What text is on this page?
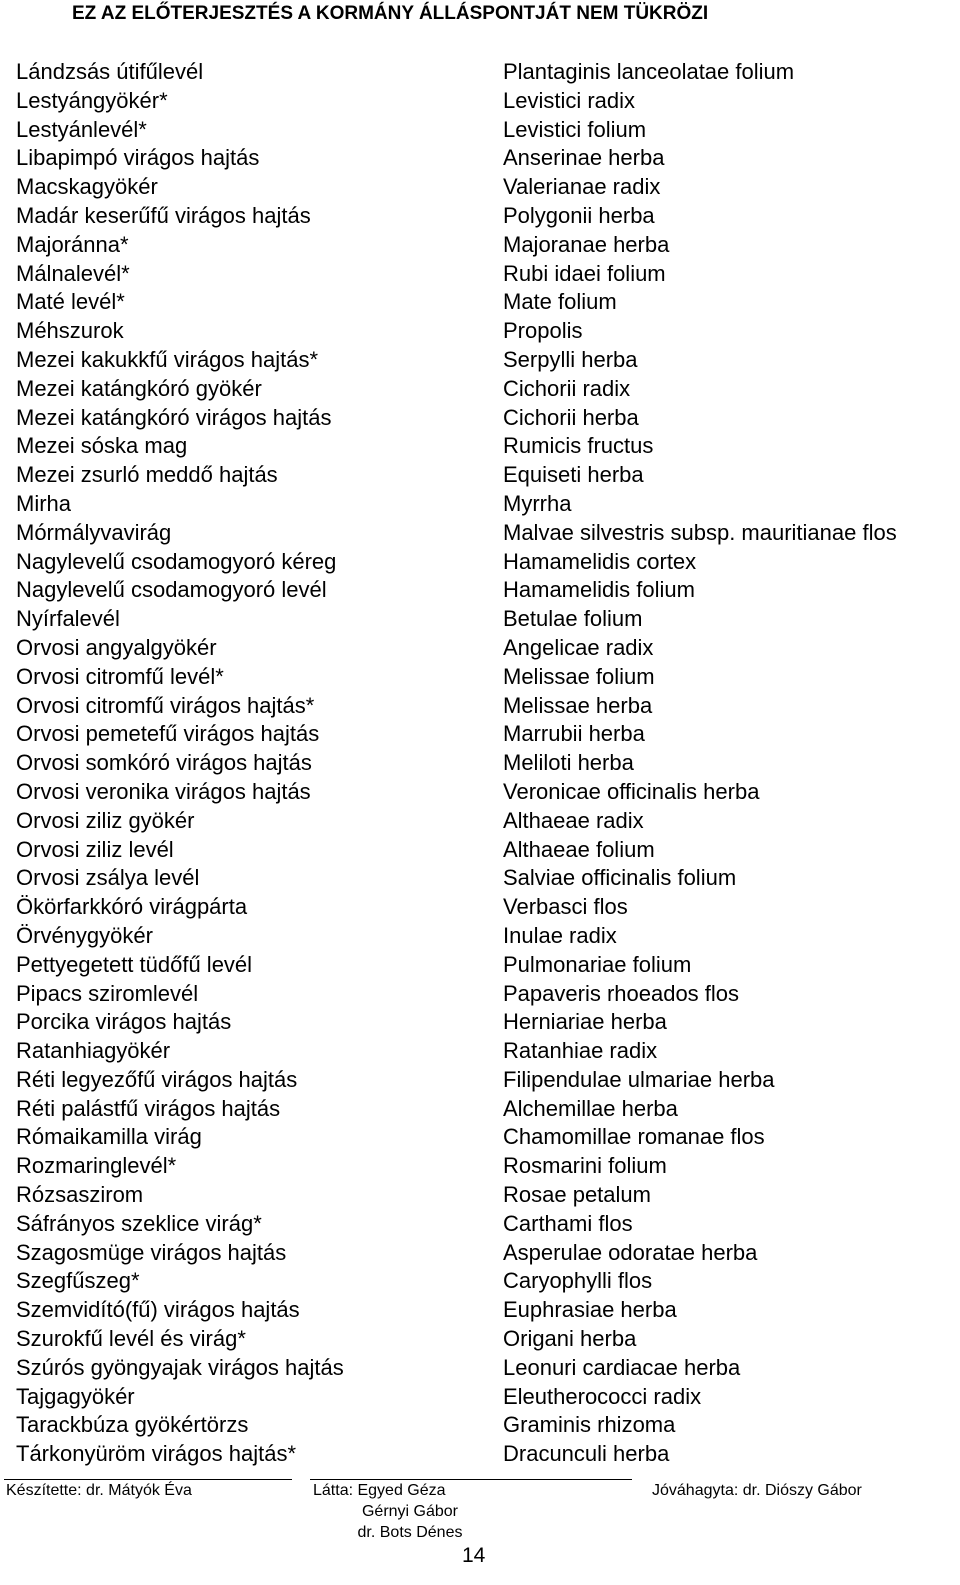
EZ AZ ELŐTERJESZTÉS A KORMÁNY ÁLLÁSPONTJÁT NEM TÜKRÖZI
Lándzsás útifűlevél
Lestyángyökér*
Lestyánlevél*
Libapimpó virágos hajtás
Macskagyökér
Madár keserűfű virágos hajtás
Majoránna*
Málnalevél*
Maté levél*
Méhszurok
Mezei kakukkfű virágos hajtás*
Mezei katángkóró gyökér
Mezei katángkóró virágos hajtás
Mezei sóska mag
Mezei zsurló meddő hajtás
Mirha
Mórmályvavirág
Nagylevelű csodamogyoró kéreg
Nagylevelű csodamogyoró levél
Nyírfalevél
Orvosi angyalgyökér
Orvosi citromfű levél*
Orvosi citromfű virágos hajtás*
Orvosi pemetefű virágos hajtás
Orvosi somkóró virágos hajtás
Orvosi veronika virágos hajtás
Orvosi ziliz gyökér
Orvosi ziliz levél
Orvosi zsálya levél
Ökörfarkkóró virágpárta
Örvénygyökér
Pettyegetett tüdőfű levél
Pipacs sziromlevél
Porcika virágos hajtás
Ratanhiagyökér
Réti legyezőfű virágos hajtás
Réti palástfű virágos hajtás
Rómaikamilla virág
Rozmaringlevél*
Rózsaszirom
Sáfrányos szeklice virág*
Szagosmüge virágos hajtás
Szegfűszeg*
Szemvidító(fű) virágos hajtás
Szurokfű levél és virág*
Szúrós gyöngyajak virágos hajtás
Tajgagyökér
Tarackbúza gyökértörzs
Tárkonyüröm virágos hajtás*
Plantaginis lanceolatae folium
Levistici radix
Levistici folium
Anserinae herba
Valerianae radix
Polygonii herba
Majoranae herba
Rubi idaei folium
Mate folium
Propolis
Serpylli herba
Cichorii radix
Cichorii herba
Rumicis fructus
Equiseti herba
Myrrha
Malvae silvestris subsp. mauritianae flos
Hamamelidis cortex
Hamamelidis folium
Betulae folium
Angelicae radix
Melissae folium
Melissae herba
Marrubii herba
Meliloti herba
Veronicae officinalis herba
Althaeae radix
Althaeae folium
Salviae officinalis folium
Verbasci flos
Inulae radix
Pulmonariae folium
Papaveris rhoeados flos
Herniariae herba
Ratanhiae radix
Filipendulae ulmariae herba
Alchemillae herba
Chamomillae romanae flos
Rosmarini folium
Rosae petalum
Carthami flos
Asperulae odoratae herba
Caryophylli flos
Euphrasiae herba
Origani herba
Leonuri cardiacae herba
Eleutherococci radix
Graminis rhizoma
Dracunculi herba
Készítette: dr. Mátyók Éva	Látta: Egyed Géza
Gérnyi Gábor
dr. Bots Dénes
Jóváhagyta: dr. Diószy Gábor
14
